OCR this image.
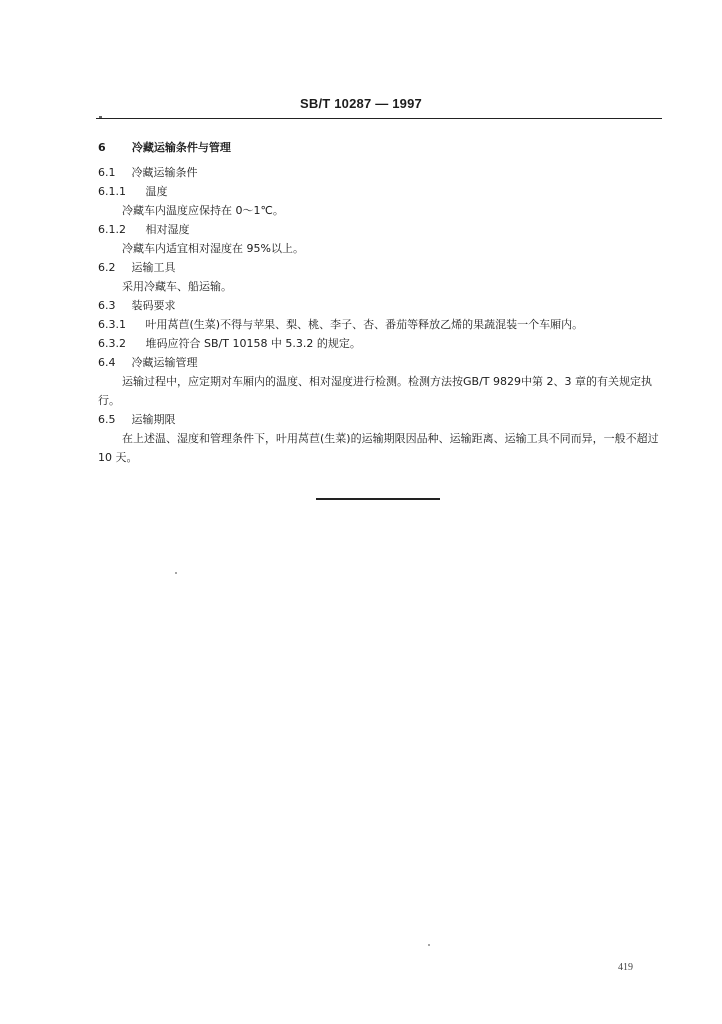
SB/T 10287 — 1997
6 冷藏运输条件与管理
6.1 冷藏运输条件
6.1.1 温度
冷藏车内温度应保持在 0～1℃。
6.1.2 相对湿度
冷藏车内适宜相对湿度在 95%以上。
6.2 运输工具
采用冷藏车、船运输。
6.3 装码要求
6.3.1 叶用莴苣(生菜)不得与苹果、梨、桃、李子、杏、番茄等释放乙烯的果蔬混装一个车厢内。
6.3.2 堆码应符合 SB/T 10158 中 5.3.2 的规定。
6.4 冷藏运输管理
运输过程中，应定期对车厢内的温度、相对湿度进行检测。检测方法按GB/T 9829中第 2、3 章的有关规定执行。
6.5 运输期限
在上述温、湿度和管理条件下，叶用莴苣(生菜)的运输期限因品种、运输距离、运输工具不同而异，一般不超过 10 天。
419
